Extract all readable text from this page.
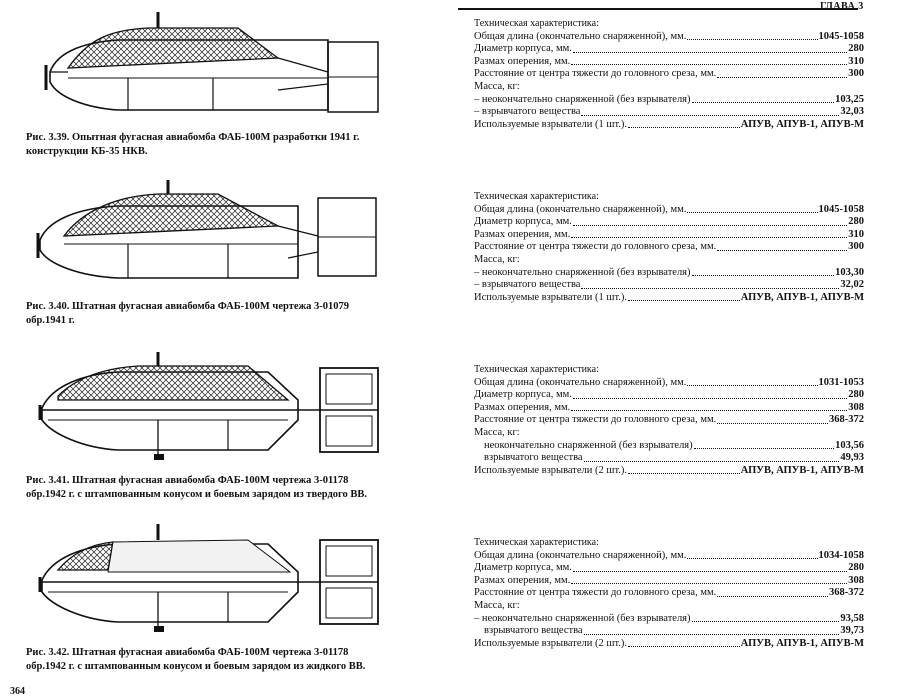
ГЛАВА 3
Рис. 3.39. Опытная фугасная авиабомба ФАБ-100М разработки 1941 г.
конструкции КБ-35 НКВ.
Техническая характеристика:
Общая длина (окончательно снаряженной), мм.	1045-1058
Диаметр корпуса, мм.	280
Размах оперения, мм.	310
Расстояние от центра тяжести до головного среза, мм.	300
Масса, кг:
– неокончательно снаряженной (без взрывателя)	103,25
– взрывчатого вещества	32,03
Используемые взрыватели (1 шт.).	АПУВ, АПУВ-1, АПУВ-М
Рис. 3.40. Штатная фугасная авиабомба ФАБ-100М чертежа 3-01079
обр.1941 г.
Техническая характеристика:
Общая длина (окончательно снаряженной), мм.	1045-1058
Диаметр корпуса, мм.	280
Размах оперения, мм.	310
Расстояние от центра тяжести до головного среза, мм.	300
Масса, кг:
– неокончательно снаряженной (без взрывателя)	103,30
– взрывчатого вещества	32,02
Используемые взрыватели (1 шт.).	АПУВ, АПУВ-1, АПУВ-М
Рис. 3.41. Штатная фугасная авиабомба ФАБ-100М чертежа 3-01178
обр.1942 г. с штампованным конусом и боевым зарядом из твердого ВВ.
Техническая характеристика:
Общая длина (окончательно снаряженной), мм.	1031-1053
Диаметр корпуса, мм.	280
Размах оперения, мм.	308
Расстояние от центра тяжести до головного среза, мм.	368-372
Масса, кг:
неокончательно снаряженной (без взрывателя)	103,56
взрывчатого вещества	49,93
Используемые взрыватели (2 шт.).	АПУВ, АПУВ-1, АПУВ-М
Рис. 3.42. Штатная фугасная авиабомба ФАБ-100М чертежа 3-01178
обр.1942 г. с штампованным конусом и боевым зарядом из жидкого ВВ.
Техническая характеристика:
Общая длина (окончательно снаряженной), мм.	1034-1058
Диаметр корпуса, мм.	280
Размах оперения, мм.	308
Расстояние от центра тяжести до головного среза, мм.	368-372
Масса, кг:
– неокончательно снаряженной (без взрывателя)	93,58
взрывчатого вещества	39,73
Используемые взрыватели (2 шт.).	АПУВ, АПУВ-1, АПУВ-М
364
